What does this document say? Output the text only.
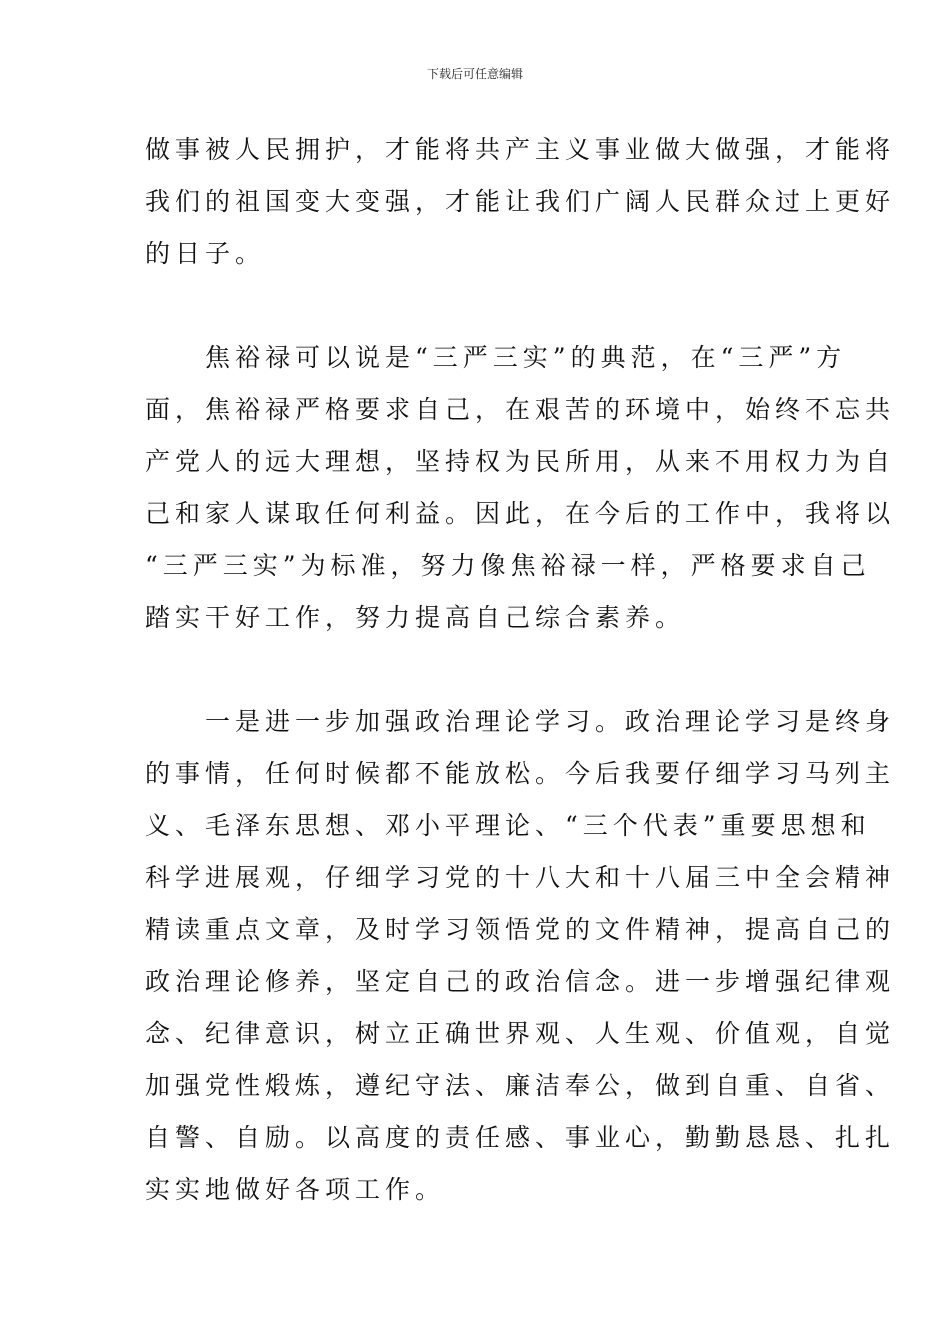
下载后可任意编辑

做事被人民拥护，才能将共产主义事业做大做强，才能将
我们的祖国变大变强，才能让我们广阔人民群众过上更好
的日子。

　　焦裕禄可以说是“三严三实”的典范，在“三严”方
面，焦裕禄严格要求自己，在艰苦的环境中，始终不忘共
产党人的远大理想，坚持权为民所用，从来不用权力为自
己和家人谋取任何利益。因此，在今后的工作中，我将以
“三严三实”为标准，努力像焦裕禄一样，严格要求自己
踏实干好工作，努力提高自己综合素养。

　　一是进一步加强政治理论学习。政治理论学习是终身
的事情，任何时候都不能放松。今后我要仔细学习马列主
义、毛泽东思想、邓小平理论、“三个代表”重要思想和
科学进展观，仔细学习党的十八大和十八届三中全会精神
精读重点文章，及时学习领悟党的文件精神，提高自己的
政治理论修养，坚定自己的政治信念。进一步增强纪律观
念、纪律意识，树立正确世界观、人生观、价值观，自觉
加强党性煅炼，遵纪守法、廉洁奉公，做到自重、自省、
自警、自励。以高度的责任感、事业心，勤勤恳恳、扎扎
实实地做好各项工作。
